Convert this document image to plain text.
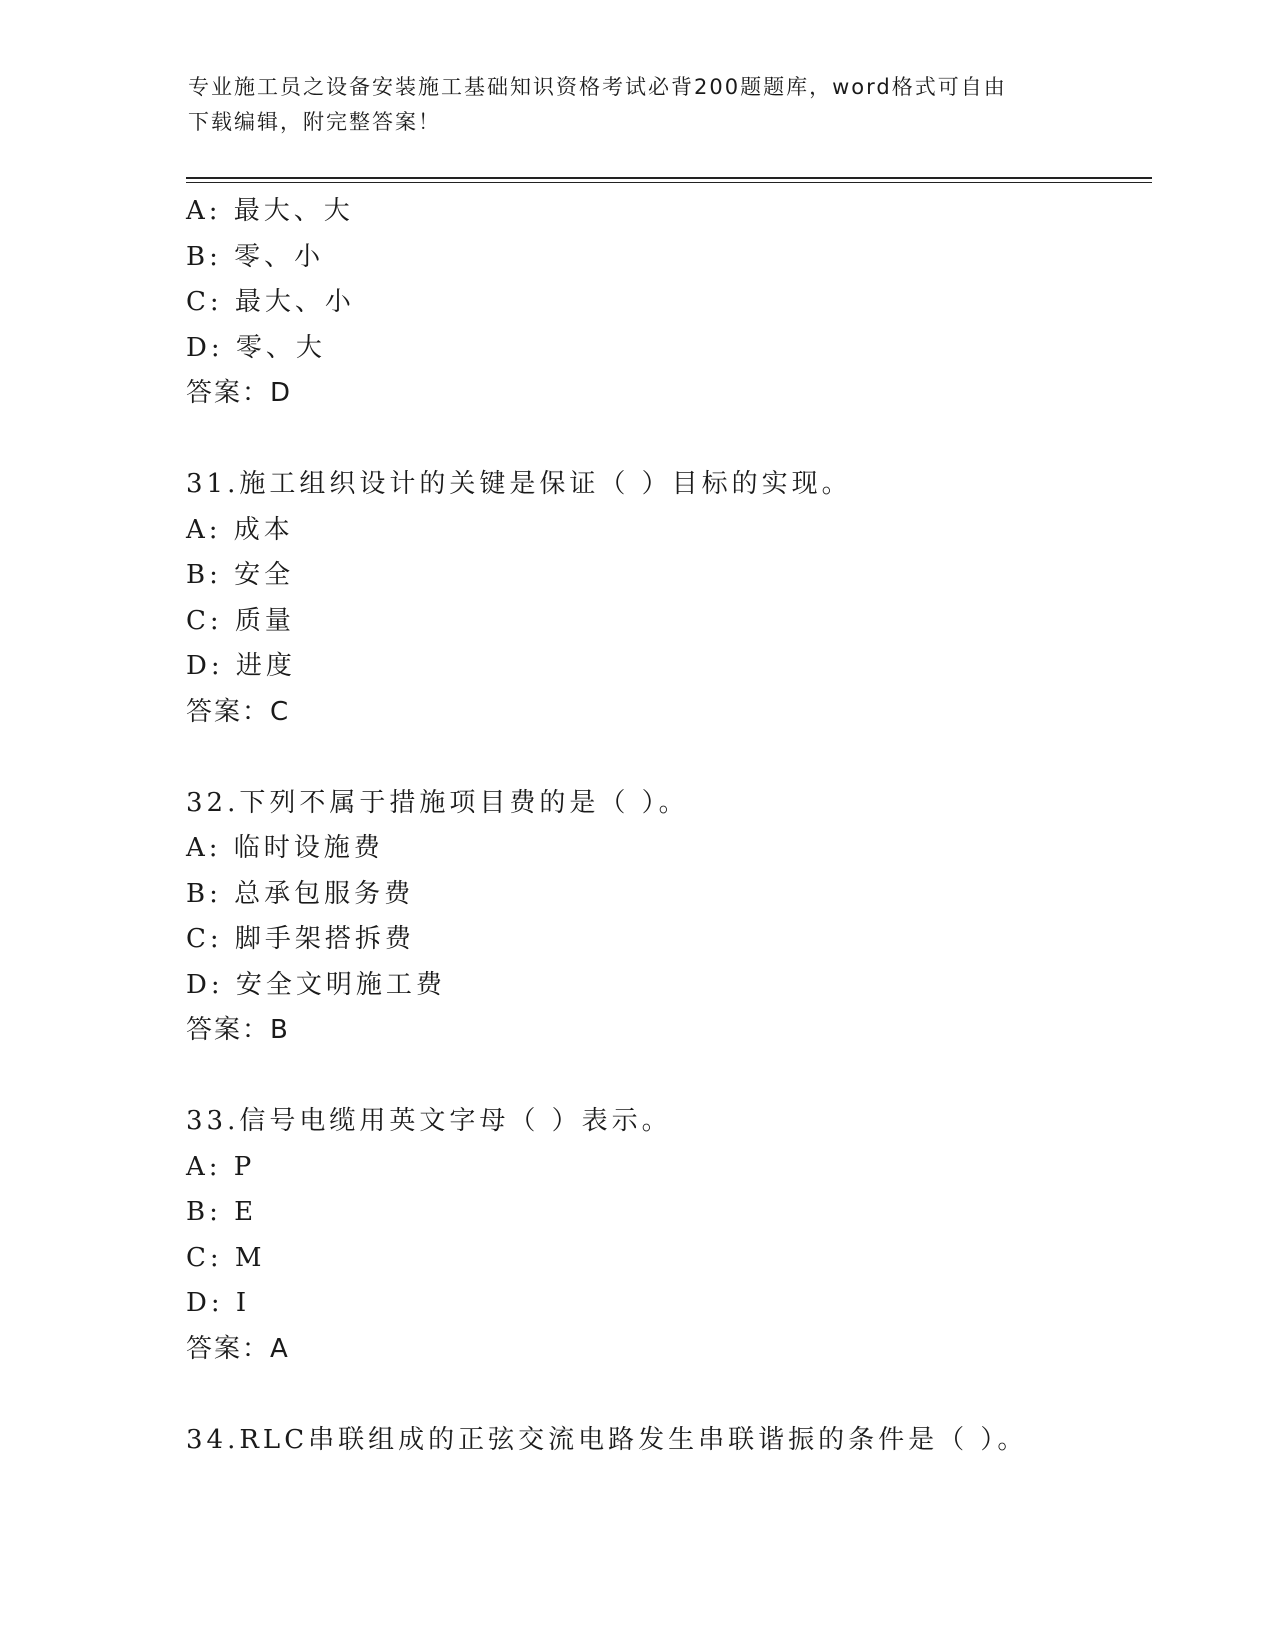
专业施工员之设备安装施工基础知识资格考试必背200题题库，word格式可自由
下载编辑，附完整答案！
A: 最大、大
B: 零、小
C: 最大、小
D: 零、大
答案：D
31.施工组织设计的关键是保证（ ）目标的实现。
A: 成本
B: 安全
C: 质量
D: 进度
答案：C
32.下列不属于措施项目费的是（ ）。
A: 临时设施费
B: 总承包服务费
C: 脚手架搭拆费
D: 安全文明施工费
答案：B
33.信号电缆用英文字母（ ）表示。
A: P
B: E
C: M
D: I
答案：A
34.RLC串联组成的正弦交流电路发生串联谐振的条件是（ ）。
